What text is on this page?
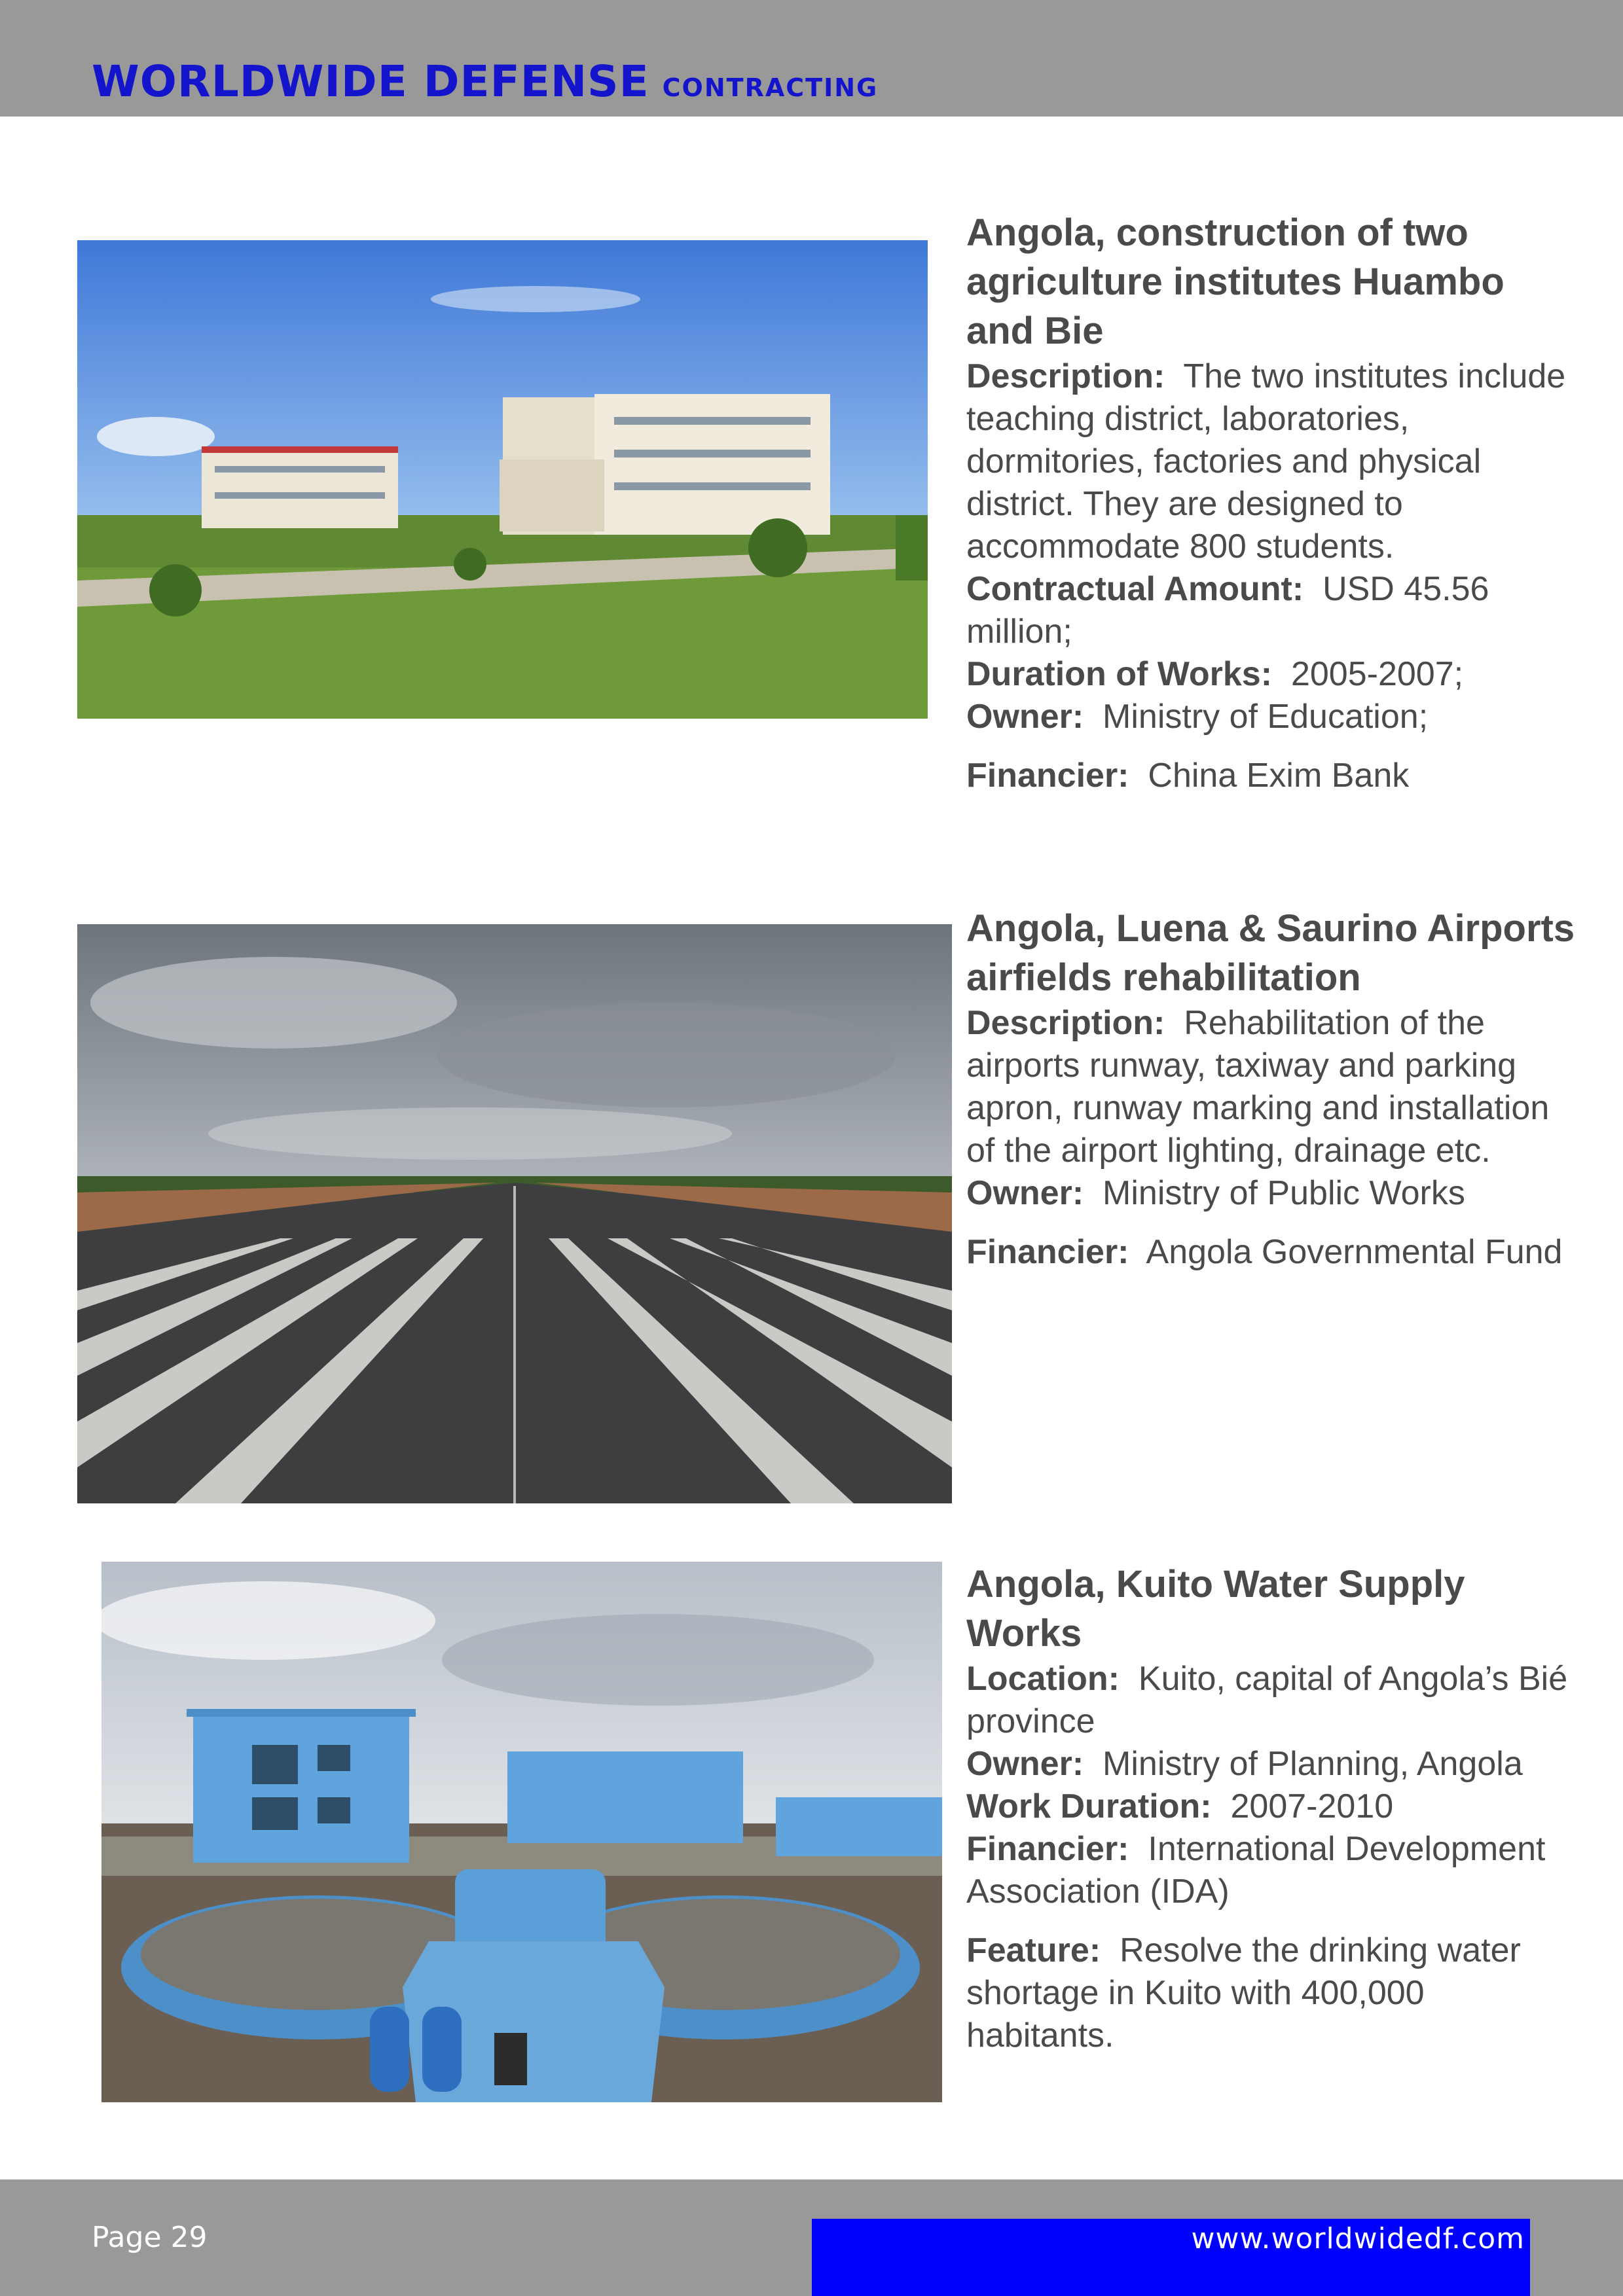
WORLDWIDE DEFENSE CONTRACTING
Angola, construction of two agriculture institutes Huambo and Bie

Description: The two institutes include teaching district, laboratories, dormitories, factories and physical district. They are designed to accommodate 800 students.

Contractual Amount: USD 45.56 million;

Duration of Works: 2005-2007;

Owner: Ministry of Education;

Financier: China Exim Bank

Angola, Luena & Saurino Airports airfields rehabilitation

Description: Rehabilitation of the airports runway, taxiway and parking apron, runway marking and installation of the airport lighting, drainage etc.

Owner: Ministry of Public Works

Financier: Angola Governmental Fund

Angola, Kuito Water Supply Works

Location: Kuito, capital of Angola’s Bié province

Owner: Ministry of Planning, Angola

Work Duration: 2007-2010

Financier: International Development Association (IDA)

Feature: Resolve the drinking water shortage in Kuito with 400,000 habitants.

Page 29	www.worldwidedf.com
